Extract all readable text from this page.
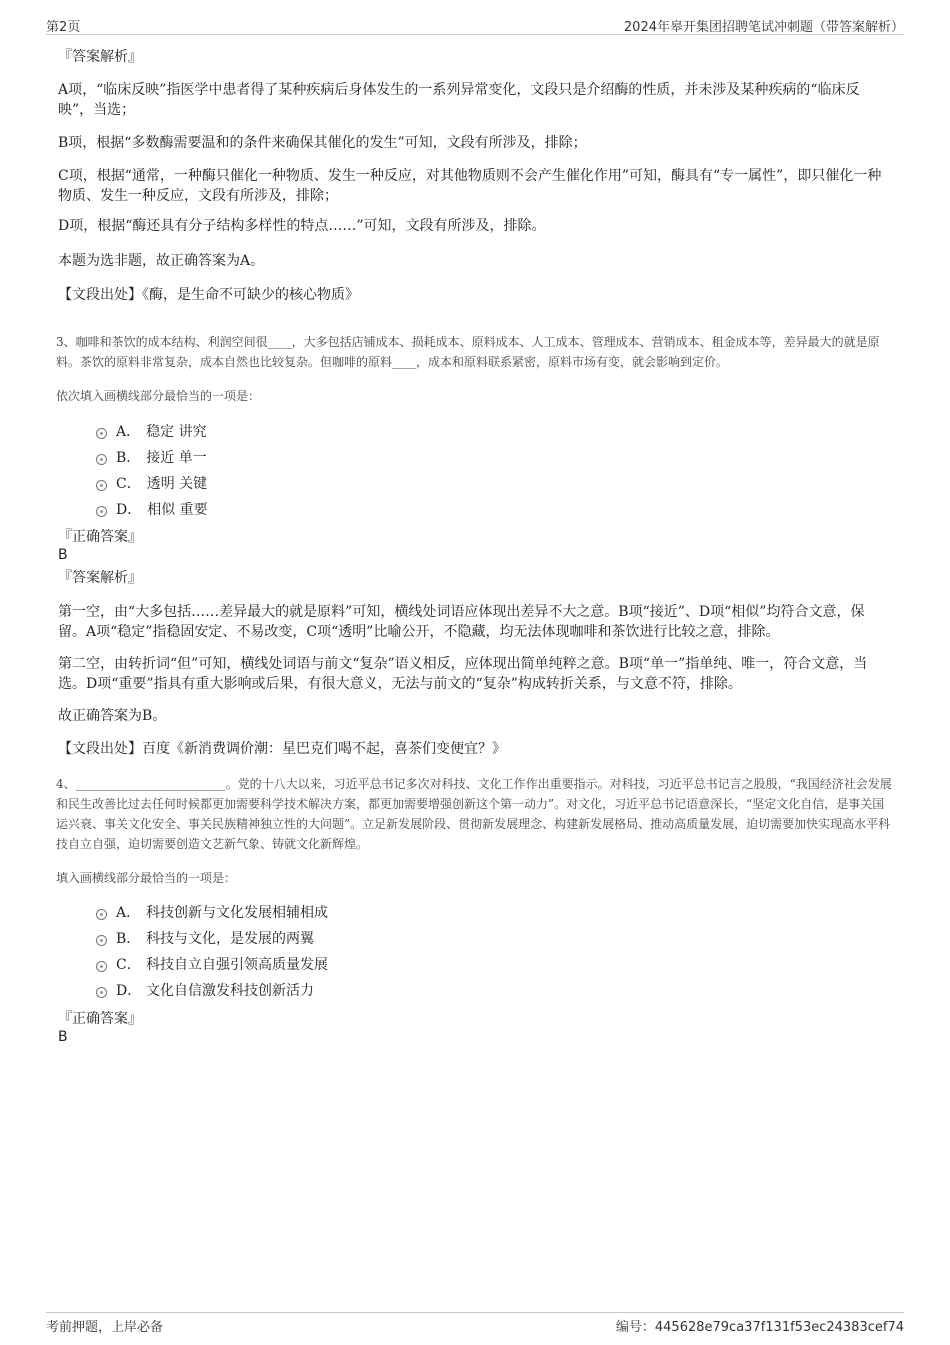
第2页	2024年皋开集团招聘笔试冲刺题（带答案解析）

『答案解析』

A项，“临床反映”指医学中患者得了某种疾病后身体发生的一系列异常变化，文段只是介绍酶的性质，并未涉及某种疾病的“临床反映”，当选；

B项，根据“多数酶需要温和的条件来确保其催化的发生”可知，文段有所涉及，排除；

C项，根据“通常，一种酶只催化一种物质、发生一种反应，对其他物质则不会产生催化作用”可知，酶具有“专一属性”，即只催化一种物质、发生一种反应，文段有所涉及，排除；

D项，根据“酶还具有分子结构多样性的特点……”可知，文段有所涉及，排除。

本题为选非题，故正确答案为A。

【文段出处】《酶，是生命不可缺少的核心物质》

3、咖啡和茶饮的成本结构、利润空间很____，大多包括店铺成本、损耗成本、原料成本、人工成本、管理成本、营销成本、租金成本等，差异最大的就是原料。茶饮的原料非常复杂，成本自然也比较复杂。但咖啡的原料____，成本和原料联系紧密，原料市场有变，就会影响到定价。

依次填入画横线部分最恰当的一项是：

A． 稳定 讲究
B． 接近 单一
C． 透明 关键
D． 相似 重要

『正确答案』

B

『答案解析』

第一空，由“大多包括……差异最大的就是原料”可知，横线处词语应体现出差异不大之意。B项“接近”、D项“相似”均符合文意，保留。A项“稳定”指稳固安定、不易改变，C项“透明”比喻公开，不隐藏，均无法体现咖啡和茶饮进行比较之意，排除。

第二空，由转折词“但”可知，横线处词语与前文“复杂”语义相反，应体现出简单纯粹之意。B项“单一”指单纯、唯一，符合文意，当选。D项“重要”指具有重大影响或后果，有很大意义，无法与前文的“复杂”构成转折关系，与文意不符，排除。

故正确答案为B。

【文段出处】百度《新消费调价潮：星巴克们喝不起，喜茶们变便宜？》

4、_________________________。党的十八大以来，习近平总书记多次对科技、文化工作作出重要指示。对科技，习近平总书记言之股殷，“我国经济社会发展和民生改善比过去任何时候都更加需要科学技术解决方案，都更加需要增强创新这个第一动力”。对文化，习近平总书记语意深长，“坚定文化自信，是事关国运兴衰、事关文化安全、事关民族精神独立性的大问题”。立足新发展阶段、贯彻新发展理念、构建新发展格局、推动高质量发展，迫切需要加快实现高水平科技自立自强，迫切需要创造文艺新气象、铸就文化新辉煌。

填入画横线部分最恰当的一项是：

A． 科技创新与文化发展相辅相成
B． 科技与文化，是发展的两翼
C． 科技自立自强引领高质量发展
D． 文化自信激发科技创新活力

『正确答案』

B
考前押题，上岸必备	编号：445628e79ca37f131f53ec24383cef74
